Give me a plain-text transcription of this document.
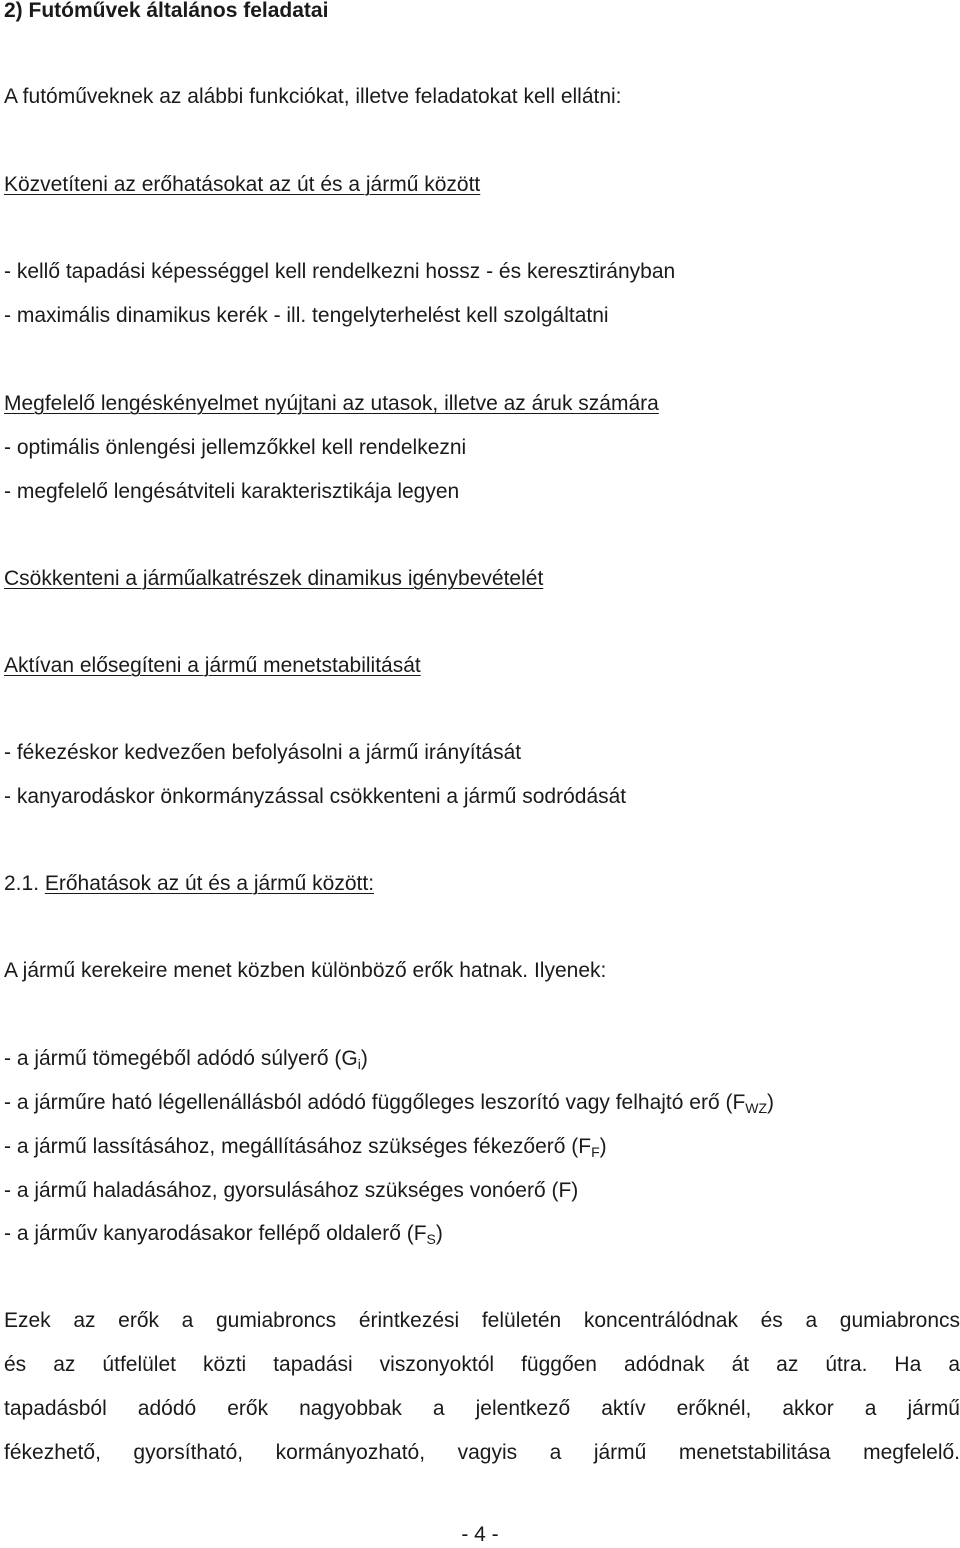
2) Futóművek általános feladatai

A futóműveknek az alábbi funkciókat, illetve feladatokat kell ellátni:

Közvetíteni az erőhatásokat az út és a jármű között

- kellő tapadási képességgel kell rendelkezni hossz - és keresztirányban

- maximális dinamikus kerék - ill. tengelyterhelést kell szolgáltatni

Megfelelő lengéskényelmet nyújtani az utasok, illetve az áruk számára

- optimális önlengési jellemzőkkel kell rendelkezni

- megfelelő lengésátviteli karakterisztikája legyen

Csökkenteni a járműalkatrészek dinamikus igénybevételét

Aktívan elősegíteni a jármű menetstabilitását

- fékezéskor kedvezően befolyásolni a jármű irányítását

- kanyarodáskor önkormányzással csökkenteni a jármű sodródását

2.1. Erőhatások az út és a jármű között:

A jármű kerekeire menet közben különböző erők hatnak. Ilyenek:

- a jármű tömegéből adódó súlyerő $(G_i)$

- a járműre ható légellenállásból adódó függőleges leszorító vagy felhajtó erő $(F_{WZ})$

- a jármű lassításához, megállításához szükséges fékezőerő $(F_F)$

- a jármű haladásához, gyorsulásához szükséges vonóerő (F)

- a járműv kanyarodásakor fellépő oldalerő $(F_S)$

Ezek az erők a gumiabroncs érintkezési felületén koncentrálódnak és a gumiabroncs

és az útfelület közti tapadási viszonyoktól függően adódnak át az útra. Ha a

tapadásból adódó erők nagyobbak a jelentkező aktív erőknél, akkor a jármű

fékezhető, gyorsítható, kormányozható, vagyis a jármű menetstabilitása megfelelő.

- 4 -
